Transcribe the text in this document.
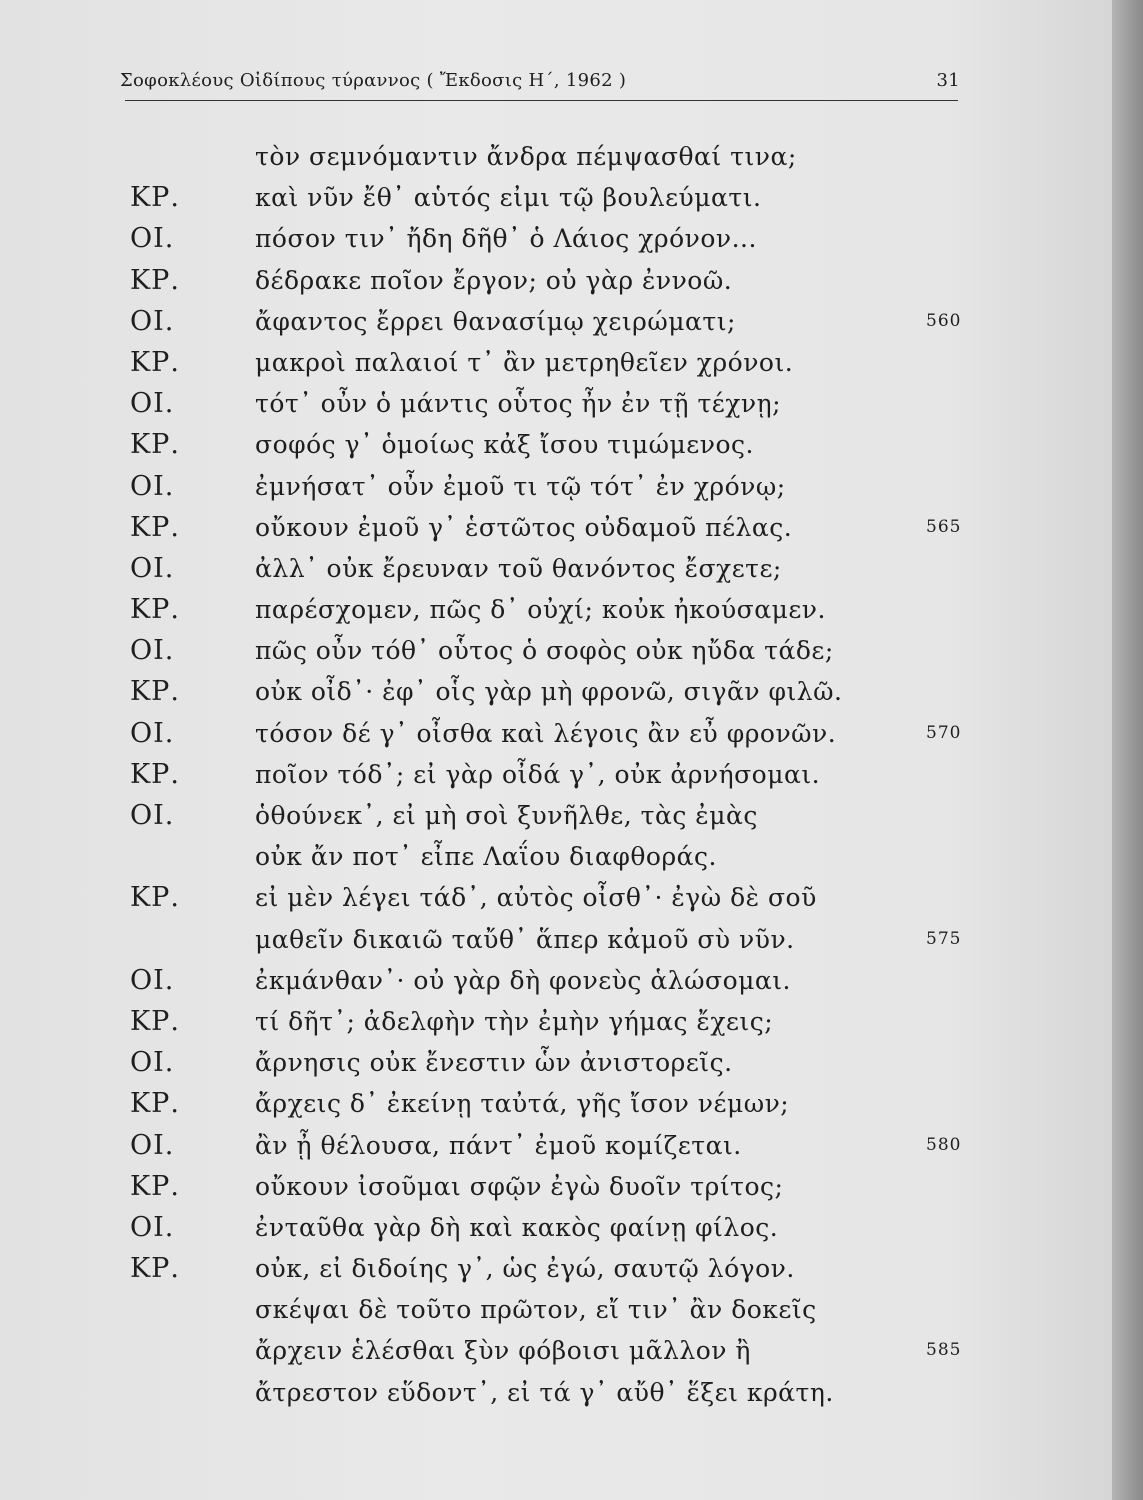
Σοφοκλέους Οἰδίπους τύραννος ( Ἔκδοσις Η΄, 1962 )	31
τὸν σεμνόμαντιν ἄνδρα πέμψασθαί τινα;
ΚΡ.	καὶ νῦν ἔθ᾽ αὑτός εἰμι τῷ βουλεύματι.
ΟΙ.	πόσον τιν᾽ ἤδη δῆθ᾽ ὁ Λάιος χρόνον...
ΚΡ.	δέδρακε ποῖον ἔργον; οὐ γὰρ ἐννοῶ.
ΟΙ.	ἄφαντος ἔρρει θανασίμῳ χειρώματι;	560
ΚΡ.	μακροὶ παλαιοί τ᾽ ἂν μετρηθεῖεν χρόνοι.
ΟΙ.	τότ᾽ οὖν ὁ μάντις οὗτος ἦν ἐν τῇ τέχνῃ;
ΚΡ.	σοφός γ᾽ ὁμοίως κἀξ ἴσου τιμώμενος.
ΟΙ.	ἐμνήσατ᾽ οὖν ἐμοῦ τι τῷ τότ᾽ ἐν χρόνῳ;
ΚΡ.	οὔκουν ἐμοῦ γ᾽ ἑστῶτος οὐδαμοῦ πέλας.	565
ΟΙ.	ἀλλ᾽ οὐκ ἔρευναν τοῦ θανόντος ἔσχετε;
ΚΡ.	παρέσχομεν, πῶς δ᾽ οὐχί; κοὐκ ἠκούσαμεν.
ΟΙ.	πῶς οὖν τόθ᾽ οὗτος ὁ σοφὸς οὐκ ηὔδα τάδε;
ΚΡ.	οὐκ οἶδ᾽· ἐφ᾽ οἷς γὰρ μὴ φρονῶ, σιγᾶν φιλῶ.
ΟΙ.	τόσον δέ γ᾽ οἶσθα καὶ λέγοις ἂν εὖ φρονῶν.	570
ΚΡ.	ποῖον τόδ᾽; εἰ γὰρ οἶδά γ᾽, οὐκ ἀρνήσομαι.
ΟΙ.	ὁθούνεκ᾽, εἰ μὴ σοὶ ξυνῆλθε, τὰς ἐμὰς
οὐκ ἄν ποτ᾽ εἶπε Λαΐου διαφθοράς.
ΚΡ.	εἰ μὲν λέγει τάδ᾽, αὐτὸς οἶσθ᾽· ἐγὼ δὲ σοῦ
μαθεῖν δικαιῶ ταὔθ᾽ ἅπερ κἀμοῦ σὺ νῦν.	575
ΟΙ.	ἐκμάνθαν᾽· οὐ γὰρ δὴ φονεὺς ἁλώσομαι.
ΚΡ.	τί δῆτ᾽; ἀδελφὴν τὴν ἐμὴν γήμας ἔχεις;
ΟΙ.	ἄρνησις οὐκ ἔνεστιν ὧν ἀνιστορεῖς.
ΚΡ.	ἄρχεις δ᾽ ἐκείνῃ ταὐτά, γῆς ἴσον νέμων;
ΟΙ.	ἂν ᾖ θέλουσα, πάντ᾽ ἐμοῦ κομίζεται.	580
ΚΡ.	οὔκουν ἰσοῦμαι σφῷν ἐγὼ δυοῖν τρίτος;
ΟΙ.	ἐνταῦθα γὰρ δὴ καὶ κακὸς φαίνῃ φίλος.
ΚΡ.	οὐκ, εἰ διδοίης γ᾽, ὡς ἐγώ, σαυτῷ λόγον.
σκέψαι δὲ τοῦτο πρῶτον, εἴ τιν᾽ ἂν δοκεῖς
ἄρχειν ἑλέσθαι ξὺν φόβοισι μᾶλλον ἢ	585
ἄτρεστον εὕδοντ᾽, εἰ τά γ᾽ αὔθ᾽ ἕξει κράτη.
